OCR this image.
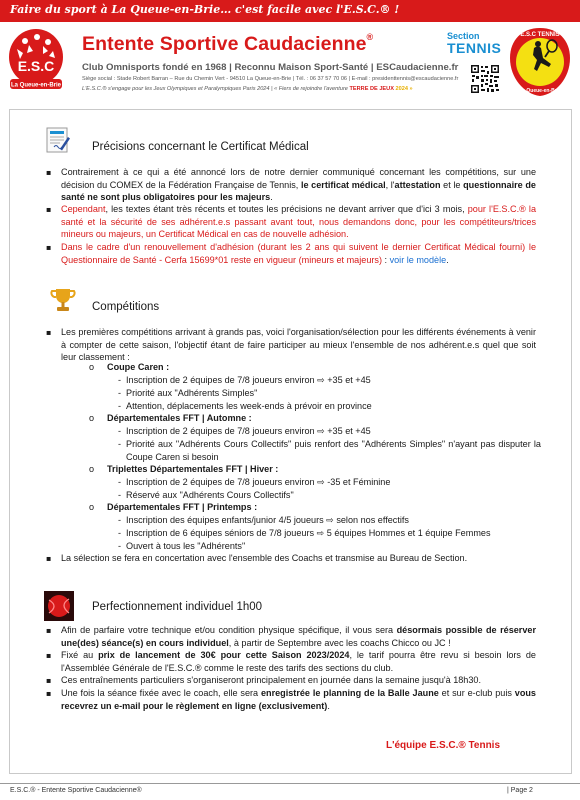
Faire du sport à La Queue-en-Brie… c'est facile avec l'E.S.C.® !
E.S.C
La Queue-en-Brie
Entente Sportive Caudacienne®	Section
TENNIS
Club Omnisports fondé en 1968 | Reconnu Maison Sport-Santé | ESCaudacienne.fr
Siège social : Stade Robert Barran – Rue du Chemin Vert - 94510 La Queue-en-Brie | Tél. : 06 37 57 70 06 | E-mail : presidenttennis@escaudacienne.fr
L'E.S.C.® s'engage pour les Jeux Olympiques et Paralympiques Paris 2024 | « Fiers de rejoindre l'aventure TERRE DE JEUX 2024 »
E.S.C TENNIS
La Queue-en-Brie
Précisions concernant le Certificat Médical
▪ Contrairement à ce qui a été annoncé lors de notre dernier communiqué concernant les compétitions, sur une décision du COMEX de la Fédération Française de Tennis, le certificat médical, l'attestation et le questionnaire de santé ne sont plus obligatoires pour les majeurs.
▪ Cependant, les textes étant très récents et toutes les précisions ne devant arriver que d'ici 3 mois, pour l'E.S.C.® la santé et la sécurité de ses adhérent.e.s passant avant tout, nous demandons donc, pour les compétiteurs/trices mineurs ou majeurs, un Certificat Médical en cas de nouvelle adhésion.
▪ Dans le cadre d'un renouvellement d'adhésion (durant les 2 ans qui suivent le dernier Certificat Médical fourni) le Questionnaire de Santé - Cerfa 15699*01 reste en vigueur (mineurs et majeurs) : voir le modèle.
Compétitions
▪ Les premières compétitions arrivant à grands pas, voici l'organisation/sélection pour les différents événements à venir à compter de cette saison, l'objectif étant de faire participer au mieux l'ensemble de nos adhérent.e.s quel que soit leur classement :
o Coupe Caren :
- Inscription de 2 équipes de 7/8 joueurs environ ⇨ +35 et +45
- Priorité aux "Adhérents Simples"
- Attention, déplacements les week-ends à prévoir en province
o Départementales FFT | Automne :
- Inscription de 2 équipes de 7/8 joueurs environ ⇨ +35 et +45
- Priorité aux "Adhérents Cours Collectifs" puis renfort des "Adhérents Simples" n'ayant pas disputer la Coupe Caren si besoin
o Triplettes Départementales FFT | Hiver :
- Inscription de 2 équipes de 7/8 joueurs environ ⇨ -35 et Féminine
- Réservé aux "Adhérents Cours Collectifs"
o Départementales FFT | Printemps :
- Inscription des équipes enfants/junior 4/5 joueurs ⇨ selon nos effectifs
- Inscription de 6 équipes séniors de 7/8 joueurs ⇨ 5 équipes Hommes et 1 équipe Femmes
- Ouvert à tous les "Adhérents"
▪ La sélection se fera en concertation avec l'ensemble des Coachs et transmise au Bureau de Section.
Perfectionnement individuel 1h00
▪ Afin de parfaire votre technique et/ou condition physique spécifique, il vous sera désormais possible de réserver une(des) séance(s) en cours individuel, à partir de Septembre avec les coachs Chicco ou JC !
▪ Fixé au prix de lancement de 30€ pour cette Saison 2023/2024, le tarif pourra être revu si besoin lors de l'Assemblée Générale de l'E.S.C.® comme le reste des tarifs des sections du club.
▪ Ces entraînements particuliers s'organiseront principalement en journée dans la semaine jusqu'à 18h30.
▪ Une fois la séance fixée avec le coach, elle sera enregistrée le planning de la Balle Jaune et sur e-club puis vous recevrez un e-mail pour le règlement en ligne (exclusivement).
L'équipe E.S.C.® Tennis
E.S.C.® - Entente Sportive Caudacienne®	| Page 2
